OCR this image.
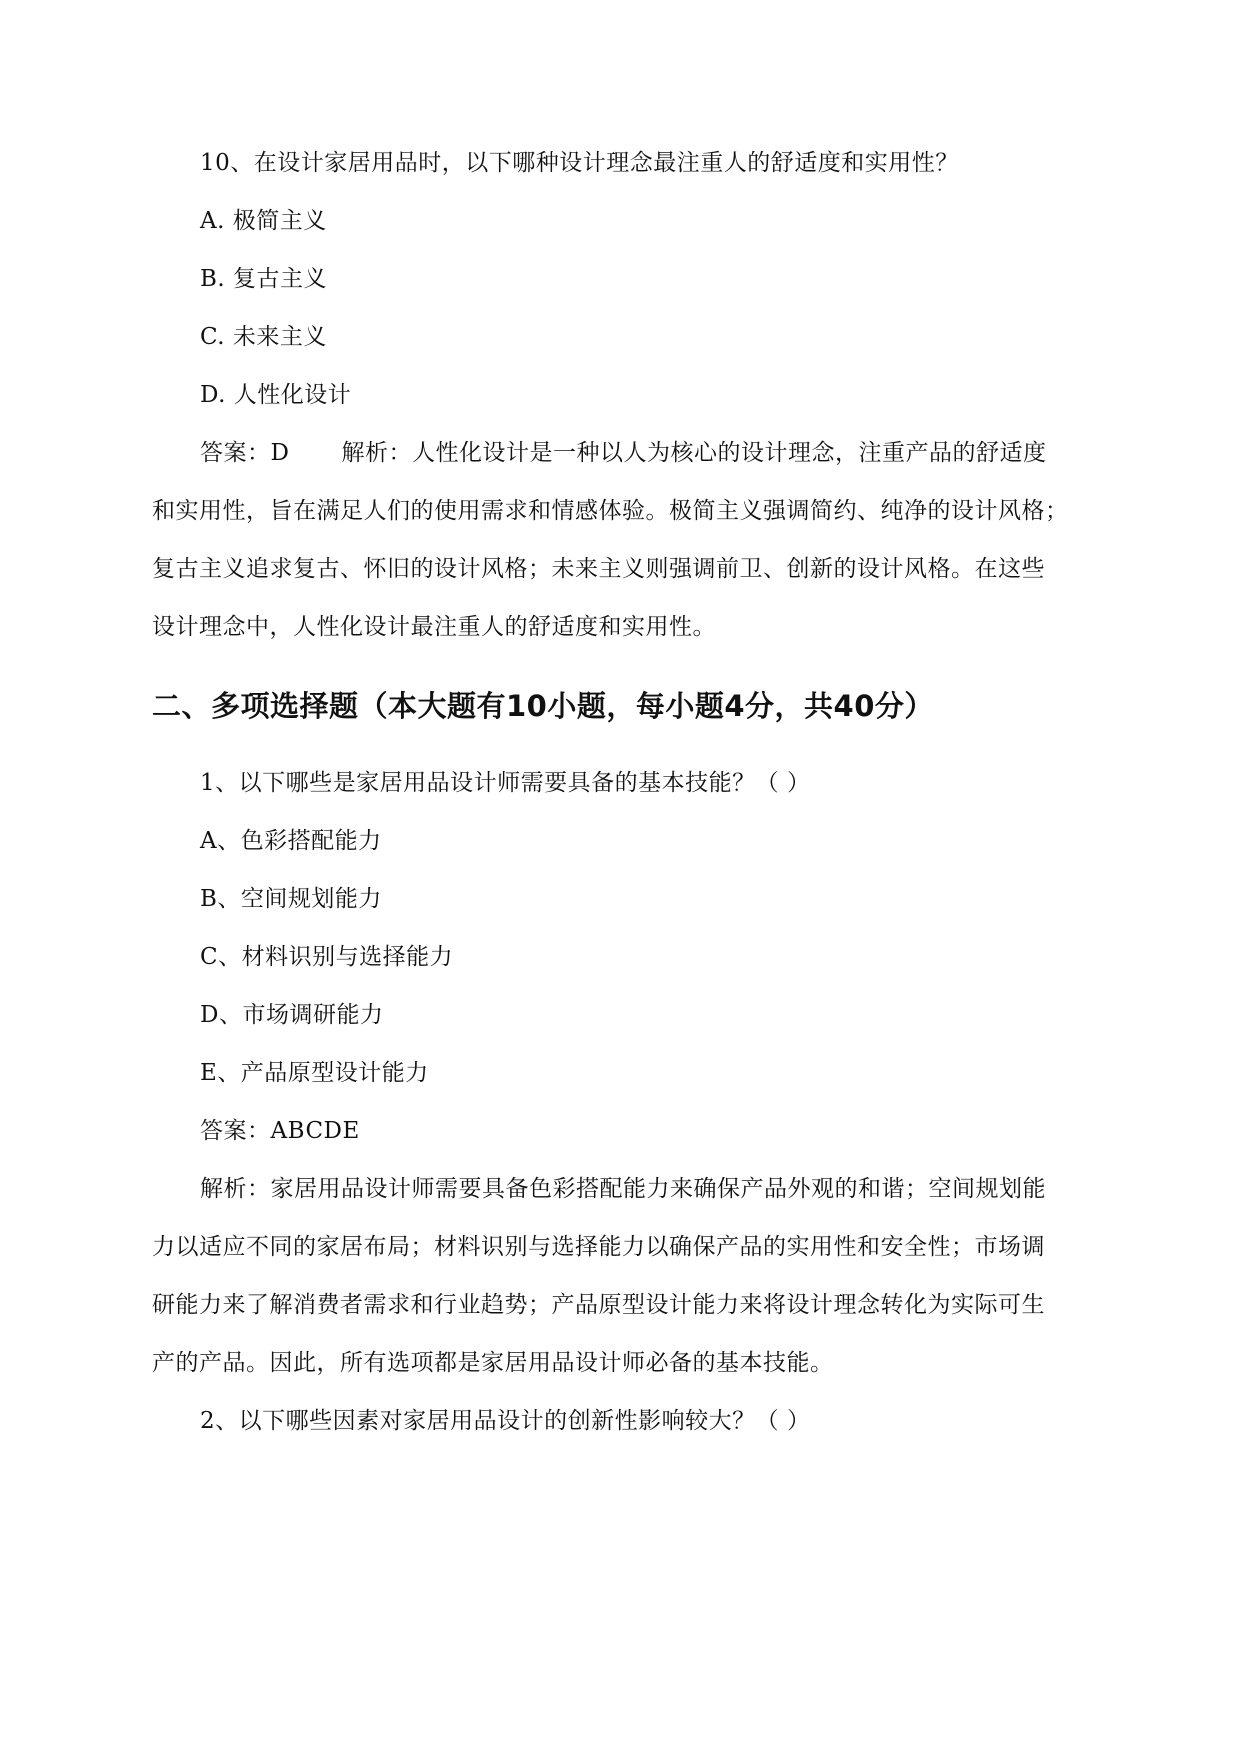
10、在设计家居用品时，以下哪种设计理念最注重人的舒适度和实用性？
A. 极简主义
B. 复古主义
C. 未来主义
D. 人性化设计
答案：D 解析：人性化设计是一种以人为核心的设计理念，注重产品的舒适度
和实用性，旨在满足人们的使用需求和情感体验。极简主义强调简约、纯净的设计风格；
复古主义追求复古、怀旧的设计风格；未来主义则强调前卫、创新的设计风格。在这些
设计理念中，人性化设计最注重人的舒适度和实用性。
二、多项选择题（本大题有10小题，每小题4分，共40分）
1、以下哪些是家居用品设计师需要具备的基本技能？（ ）
A、色彩搭配能力
B、空间规划能力
C、材料识别与选择能力
D、市场调研能力
E、产品原型设计能力
答案：ABCDE
解析：家居用品设计师需要具备色彩搭配能力来确保产品外观的和谐；空间规划能
力以适应不同的家居布局；材料识别与选择能力以确保产品的实用性和安全性；市场调
研能力来了解消费者需求和行业趋势；产品原型设计能力来将设计理念转化为实际可生
产的产品。因此，所有选项都是家居用品设计师必备的基本技能。
2、以下哪些因素对家居用品设计的创新性影响较大？（ ）
